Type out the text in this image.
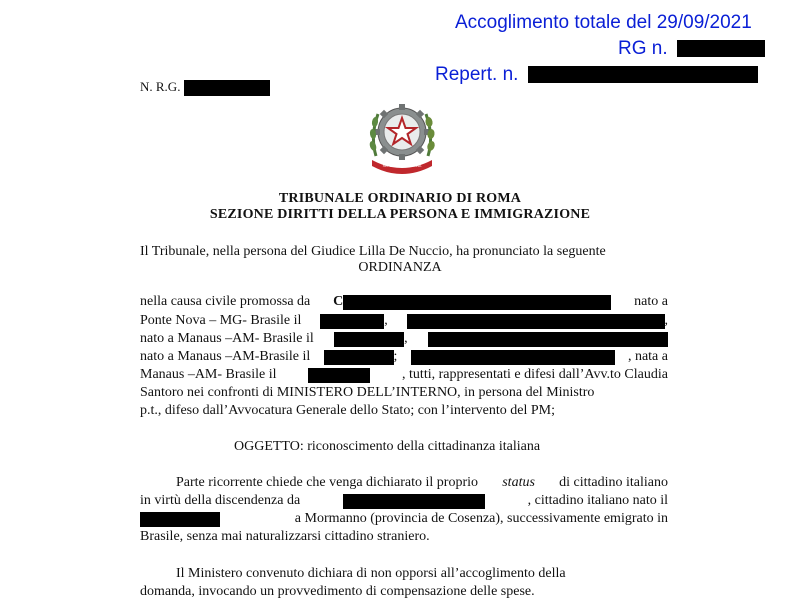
Accoglimento totale del 29/09/2021
RG n.
Repert. n.
N. R.G.
REPUBBLICA ITALIANA
TRIBUNALE ORDINARIO DI ROMA
SEZIONE DIRITTI DELLA PERSONA E IMMIGRAZIONE
Il Tribunale, nella persona del Giudice Lilla De Nuccio, ha pronunciato la seguente
ORDINANZA
nella causa civile promossa da C	nato a
Ponte Nova – MG- Brasile il	,	,
nato a Manaus –AM- Brasile il	,
nato a Manaus –AM-Brasile il	;	, nata a
Manaus –AM- Brasile il	, tutti, rappresentati e difesi dall’Avv.to Claudia
Santoro nei confronti di MINISTERO DELL’INTERNO, in persona del Ministro
p.t., difeso dall’Avvocatura Generale dello Stato; con l’intervento del PM;
OGGETTO: riconoscimento della cittadinanza italiana
Parte ricorrente chiede che venga dichiarato il proprio status di cittadino italiano
in virtù della discendenza da	, cittadino italiano nato il
a Mormanno (provincia de Cosenza), successivamente emigrato in
Brasile, senza mai naturalizzarsi cittadino straniero.
Il Ministero convenuto dichiara di non opporsi all’accoglimento della
domanda, invocando un provvedimento di compensazione delle spese.
